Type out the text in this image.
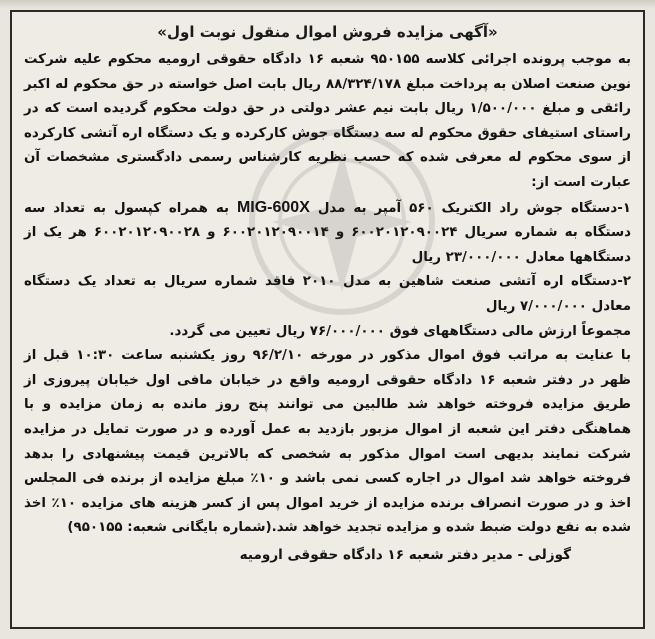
«آگهی مزایده فروش اموال منقول نوبت اول»

به موجب پرونده اجرائی کلاسه ۹۵۰۱۵۵ شعبه ۱۶ دادگاه حقوقی ارومیه محکوم علیه شرکت نوین صنعت اصلان به پرداخت مبلغ ۸۸/۳۲۴/۱۷۸ ریال بابت اصل خواسته در حق محکوم له اکبر رائقی و مبلغ ۱/۵۰۰/۰۰۰ ریال بابت نیم عشر دولتی در حق دولت محکوم گردیده است که در راستای استیفای حقوق محکوم له سه دستگاه جوش کارکرده و یک دستگاه اره آتشی کارکرده از سوی محکوم له معرفی شده که حسب نظریه کارشناس رسمی دادگستری مشخصات آن عبارت است از:

۱-دستگاه جوش راد الکتریک ۵۶۰ آمپر به مدل MIG-600X به همراه کپسول به تعداد سه دستگاه به شماره سریال ۶۰۰۲۰۱۲۰۹۰۰۲۴ و ۶۰۰۲۰۱۲۰۹۰۰۱۴ و ۶۰۰۲۰۱۲۰۹۰۰۲۸ هر یک از دستگاهها معادل ۲۳/۰۰۰/۰۰۰ ریال

۲-دستگاه اره آتشی صنعت شاهین به مدل ۲۰۱۰ فاقد شماره سریال به تعداد یک دستگاه معادل ۷/۰۰۰/۰۰۰ ریال

مجموعاً ارزش مالی دستگاههای فوق ۷۶/۰۰۰/۰۰۰ ریال تعیین می گردد.

با عنایت به مراتب فوق اموال مذکور در مورخه ۹۶/۲/۱۰ روز یکشنبه ساعت ۱۰:۳۰ قبل از ظهر در دفتر شعبه ۱۶ دادگاه حقوقی ارومیه واقع در خیابان مافی اول خیابان پیروزی از طریق مزایده فروخته خواهد شد طالبین می توانند پنج روز مانده به زمان مزایده و با هماهنگی دفتر این شعبه از اموال مزبور بازدید به عمل آورده و در صورت تمایل در مزایده شرکت نمایند بدیهی است اموال مذکور به شخصی که بالاترین قیمت پیشنهادی را بدهد فروخته خواهد شد اموال در اجاره کسی نمی باشد و ۱۰٪ مبلغ مزایده از برنده فی المجلس اخذ و در صورت انصراف برنده مزایده از خرید اموال پس از کسر هزینه های مزایده ۱۰٪ اخذ شده به نفع دولت ضبط شده و مزایده تجدید خواهد شد.(شماره بایگانی شعبه: ۹۵۰۱۵۵)

گوزلی - مدیر دفتر شعبه ۱۶ دادگاه حقوقی ارومیه
